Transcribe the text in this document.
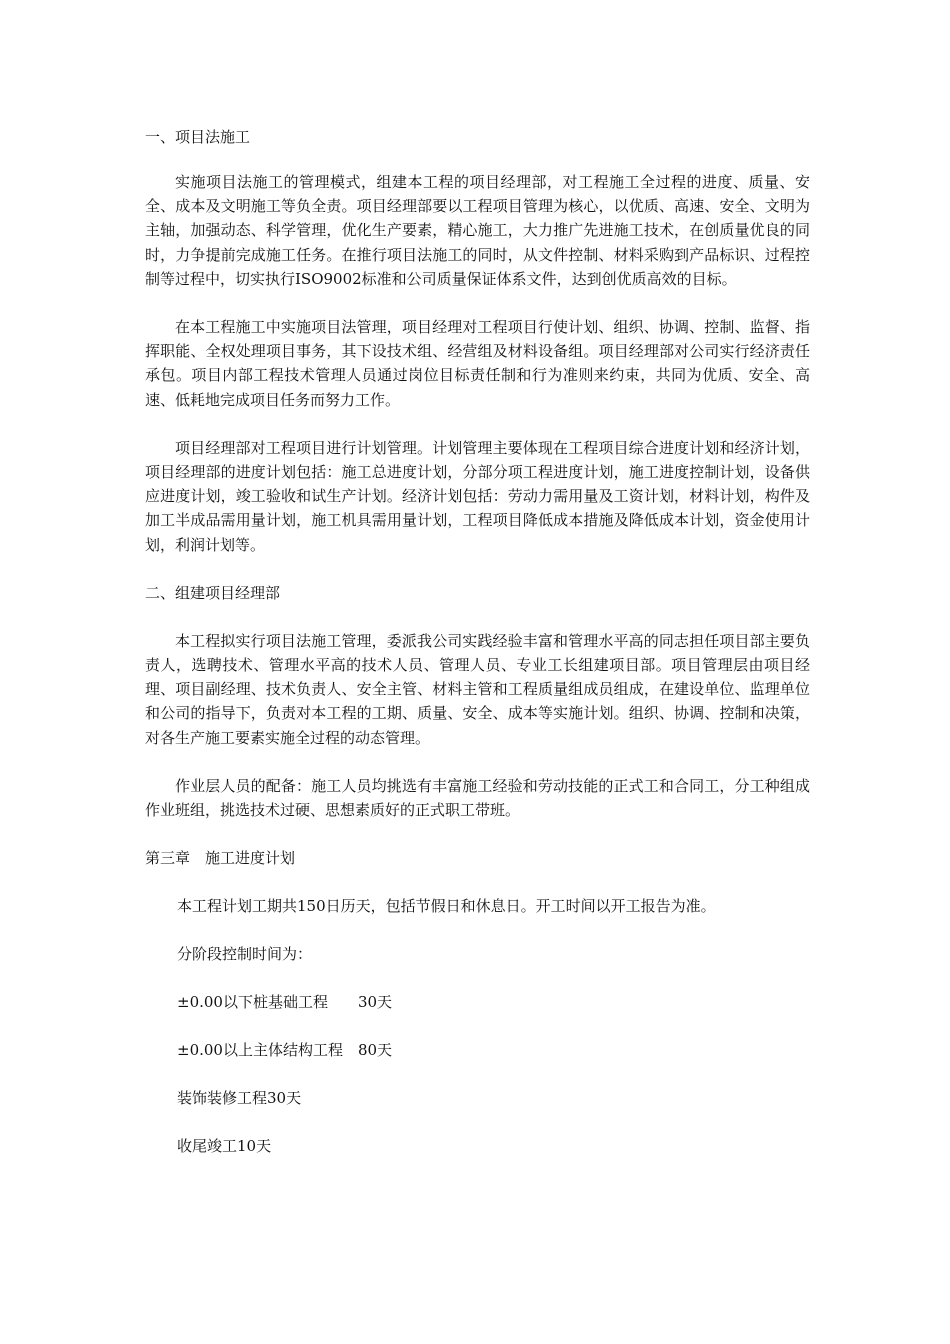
一、项目法施工

实施项目法施工的管理模式，组建本工程的项目经理部，对工程施工全过程的进度、质量、安全、成本及文明施工等负全责。项目经理部要以工程项目管理为核心，以优质、高速、安全、文明为主轴，加强动态、科学管理，优化生产要素，精心施工，大力推广先进施工技术，在创质量优良的同时，力争提前完成施工任务。在推行项目法施工的同时，从文件控制、材料采购到产品标识、过程控制等过程中，切实执行ISO9002标准和公司质量保证体系文件，达到创优质高效的目标。

在本工程施工中实施项目法管理，项目经理对工程项目行使计划、组织、协调、控制、监督、指挥职能、全权处理项目事务，其下设技术组、经营组及材料设备组。项目经理部对公司实行经济责任承包。项目内部工程技术管理人员通过岗位目标责任制和行为准则来约束，共同为优质、安全、高速、低耗地完成项目任务而努力工作。

项目经理部对工程项目进行计划管理。计划管理主要体现在工程项目综合进度计划和经济计划，项目经理部的进度计划包括：施工总进度计划，分部分项工程进度计划，施工进度控制计划，设备供应进度计划，竣工验收和试生产计划。经济计划包括：劳动力需用量及工资计划，材料计划，构件及加工半成品需用量计划，施工机具需用量计划，工程项目降低成本措施及降低成本计划，资金使用计划，利润计划等。

二、组建项目经理部

本工程拟实行项目法施工管理，委派我公司实践经验丰富和管理水平高的同志担任项目部主要负责人，选聘技术、管理水平高的技术人员、管理人员、专业工长组建项目部。项目管理层由项目经理、项目副经理、技术负责人、安全主管、材料主管和工程质量组成员组成，在建设单位、监理单位和公司的指导下，负责对本工程的工期、质量、安全、成本等实施计划。组织、协调、控制和决策，对各生产施工要素实施全过程的动态管理。

作业层人员的配备：施工人员均挑选有丰富施工经验和劳动技能的正式工和合同工，分工种组成作业班组，挑选技术过硬、思想素质好的正式职工带班。

第三章　施工进度计划

本工程计划工期共150日历天，包括节假日和休息日。开工时间以开工报告为准。

分阶段控制时间为：

±0.00以下桩基础工程　　30天

±0.00以上主体结构工程　80天

装饰装修工程30天

收尾竣工10天
